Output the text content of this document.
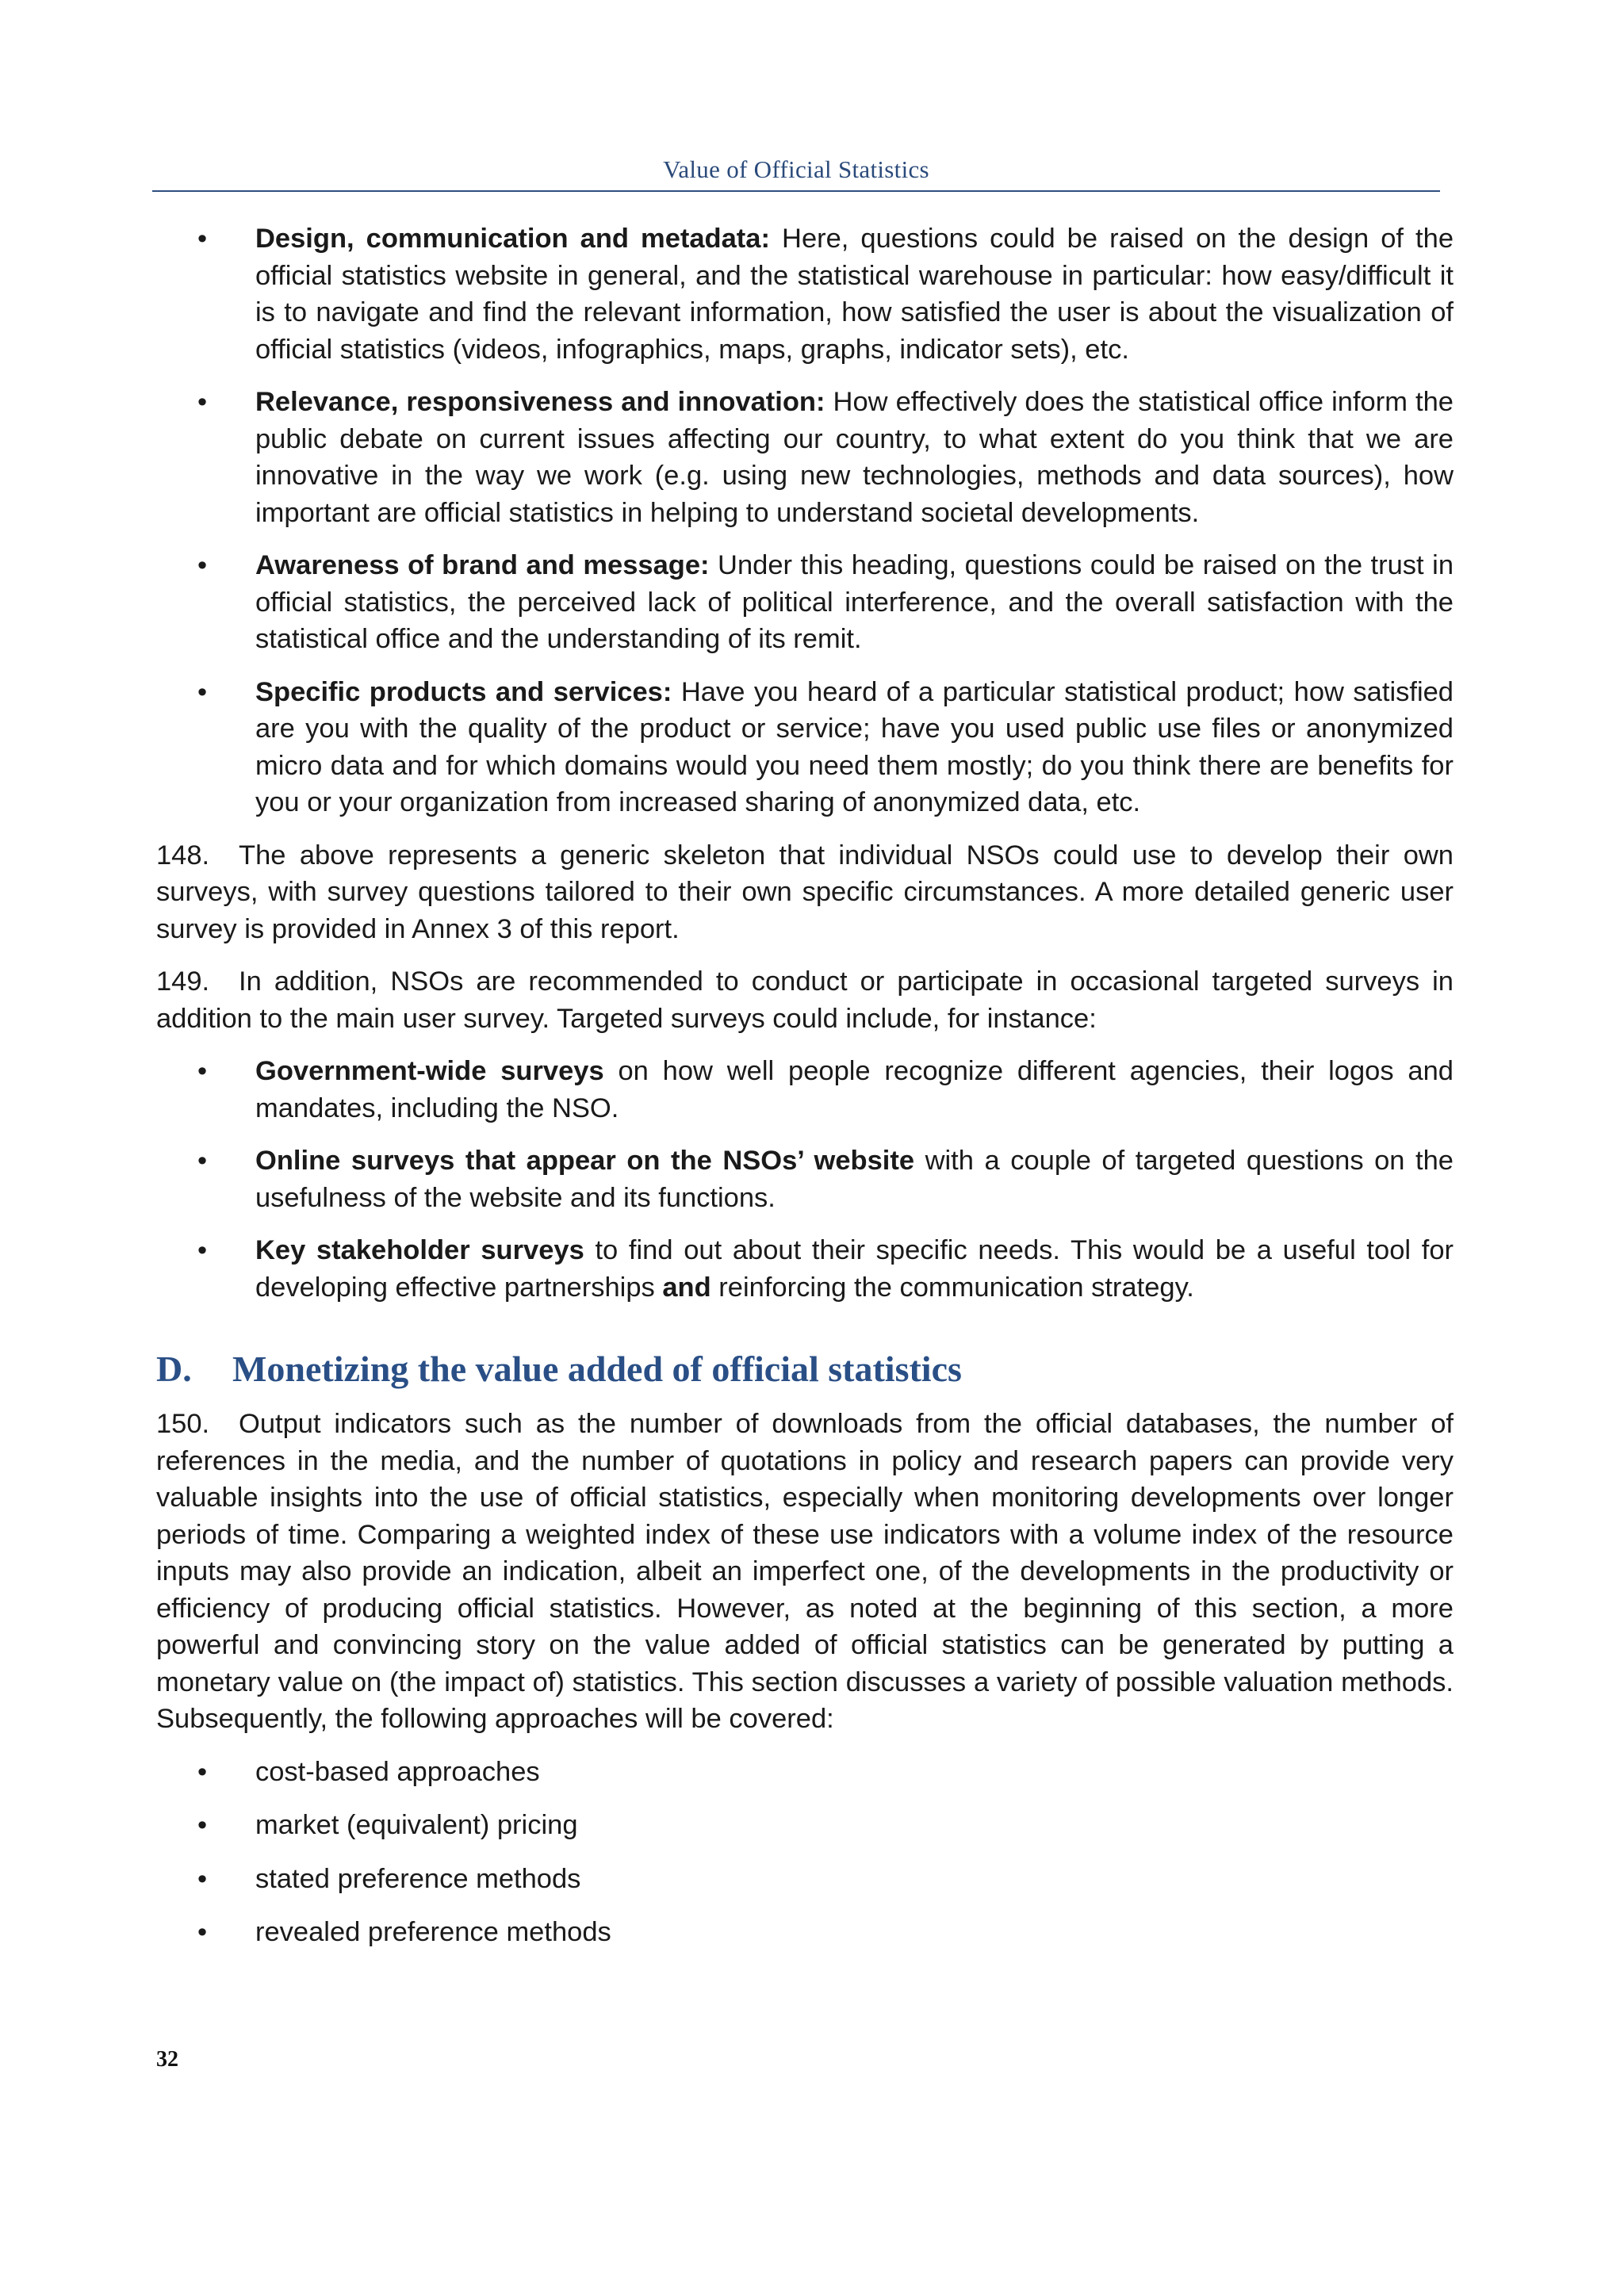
Value of Official Statistics
• Design, communication and metadata: Here, questions could be raised on the design of the official statistics website in general, and the statistical warehouse in particular: how easy/difficult it is to navigate and find the relevant information, how satisfied the user is about the visualization of official statistics (videos, infographics, maps, graphs, indicator sets), etc.
• Relevance, responsiveness and innovation: How effectively does the statistical office inform the public debate on current issues affecting our country, to what extent do you think that we are innovative in the way we work (e.g. using new technologies, methods and data sources), how important are official statistics in helping to understand societal developments.
• Awareness of brand and message: Under this heading, questions could be raised on the trust in official statistics, the perceived lack of political interference, and the overall satisfaction with the statistical office and the understanding of its remit.
• Specific products and services: Have you heard of a particular statistical product; how satisfied are you with the quality of the product or service; have you used public use files or anonymized micro data and for which domains would you need them mostly; do you think there are benefits for you or your organization from increased sharing of anonymized data, etc.

148. The above represents a generic skeleton that individual NSOs could use to develop their own surveys, with survey questions tailored to their own specific circumstances. A more detailed generic user survey is provided in Annex 3 of this report.

149. In addition, NSOs are recommended to conduct or participate in occasional targeted surveys in addition to the main user survey. Targeted surveys could include, for instance:

• Government-wide surveys on how well people recognize different agencies, their logos and mandates, including the NSO.
• Online surveys that appear on the NSOs’ website with a couple of targeted questions on the usefulness of the website and its functions.
• Key stakeholder surveys to find out about their specific needs. This would be a useful tool for developing effective partnerships and reinforcing the communication strategy.
D. Monetizing the value added of official statistics

150. Output indicators such as the number of downloads from the official databases, the number of references in the media, and the number of quotations in policy and research papers can provide very valuable insights into the use of official statistics, especially when monitoring developments over longer periods of time. Comparing a weighted index of these use indicators with a volume index of the resource inputs may also provide an indication, albeit an imperfect one, of the developments in the productivity or efficiency of producing official statistics. However, as noted at the beginning of this section, a more powerful and convincing story on the value added of official statistics can be generated by putting a monetary value on (the impact of) statistics. This section discusses a variety of possible valuation methods. Subsequently, the following approaches will be covered:

• cost-based approaches
• market (equivalent) pricing
• stated preference methods
• revealed preference methods
32
